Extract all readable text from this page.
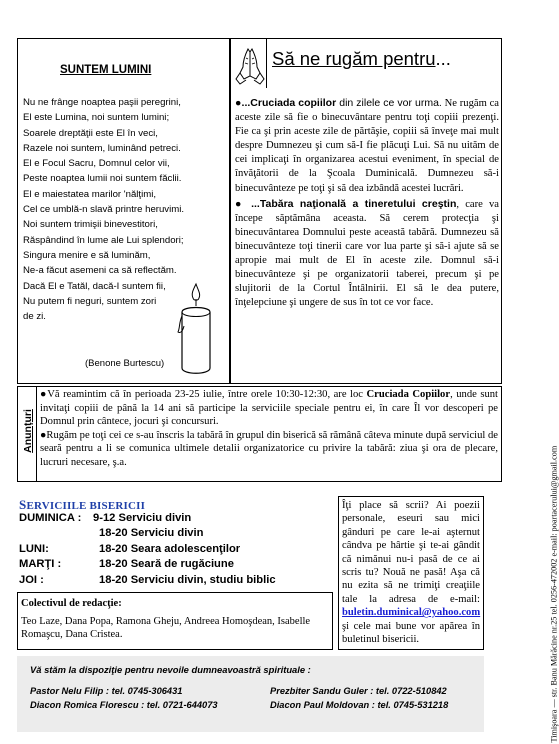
SUNTEM LUMINI
Nu ne frânge noaptea paşii peregrini,
El este Lumina, noi suntem lumini;
Soarele dreptăţii este El în veci,
Razele noi suntem, luminând petreci.
El e Focul Sacru, Domnul celor vii,
Peste noaptea lumii noi suntem făclii.
El e maiestatea marilor 'nălţimi,
Cel ce umblă-n slavă printre heruvimi.
Noi suntem trimişii binevestitori,
Răspândind în lume ale Lui splendori;
Singura menire e să luminăm,
Ne-a făcut asemeni ca să reflectăm.
Dacă El e Tatăl, dacă-I suntem fii,
Nu putem fi neguri, suntem zori
de zi.
(Benone Burtescu)
Să ne rugăm pentru...

●...Cruciada copiilor din zilele ce vor urma. Ne rugăm ca aceste zile să fie o binecuvântare pentru toţi copiii prezenţi. Fie ca şi prin aceste zile de părtăşie, copiii să înveţe mai mult despre Dumnezeu şi cum să-I fie plăcuţi Lui. Să nu uităm de cei implicaţi în organizarea acestui eveniment, în special de învăţătorii de la Şcoala Duminicală. Dumnezeu să-i binecuvânteze pe toţi şi să dea izbândă acestei lucrări.

● ...Tabăra naţională a tineretului creştin, care va începe săptămâna aceasta. Să cerem protecţia şi binecuvântarea Domnului peste această tabără. Dumnezeu să binecuvânteze toţi tinerii care vor lua parte şi să-i ajute să se apropie mai mult de El în aceste zile. Domnul să-i binecuvânteze şi pe organizatorii taberei, precum şi pe slujitorii de la Cortul Întâlnirii. El să le dea putere, înţelepciune şi ungere de sus în tot ce vor face.

Anunţuri

●Vă reamintim că în perioada 23-25 iulie, între orele 10:30-12:30, are loc Cruciada Copiilor, unde sunt invitaţi copiii de până la 14 ani să participe la serviciile speciale pentru ei, în care Îl vor descoperi pe Domnul prin cântece, jocuri şi concursuri.

●Rugăm pe toţi cei ce s-au înscris la tabără în grupul din biserică să rămână câteva minute după serviciul de seară pentru a li se comunica ultimele detalii organizatorice cu privire la tabără: ziua şi ora de plecare, lucruri necesare, ş.a.

SERVICIILE BISERICII
DUMINICA : 9-12 Serviciu divin
18-20 Serviciu divin
LUNI:	18-20 Seara adolescenţilor
MARŢI :	18-20 Seară de rugăciune
JOI :	18-20 Serviciu divin, studiu biblic
Colectivul de redacţie:
Teo Laze, Dana Popa, Ramona Gheju, Andreea Homoşdean, Isabelle Romaşcu, Dana Cristea.
Îţi place să scrii? Ai poezii personale, eseuri sau mici gânduri pe care le-ai aşternut cândva pe hârtie şi te-ai gândit că nimănui nu-i pasă de ce ai scris tu? Nouă ne pasă! Aşa că nu ezita să ne trimiţi creaţiile tale la adresa de e-mail: buletin.duminical@yahoo.com şi cele mai bune vor apărea în buletinul bisericii.	Timişoara — str. Banu Mărăcine nr.25 tel. 0256-472002 e-mail: poartacerului@gmail.com
Vă stăm la dispoziţie pentru nevoile dumneavoastră spirituale :
Pastor Nelu Filip : tel. 0745-306431	Prezbiter Sandu Guler : tel. 0722-510842
Diacon Romica Florescu : tel. 0721-644073	Diacon Paul Moldovan : tel. 0745-531218
